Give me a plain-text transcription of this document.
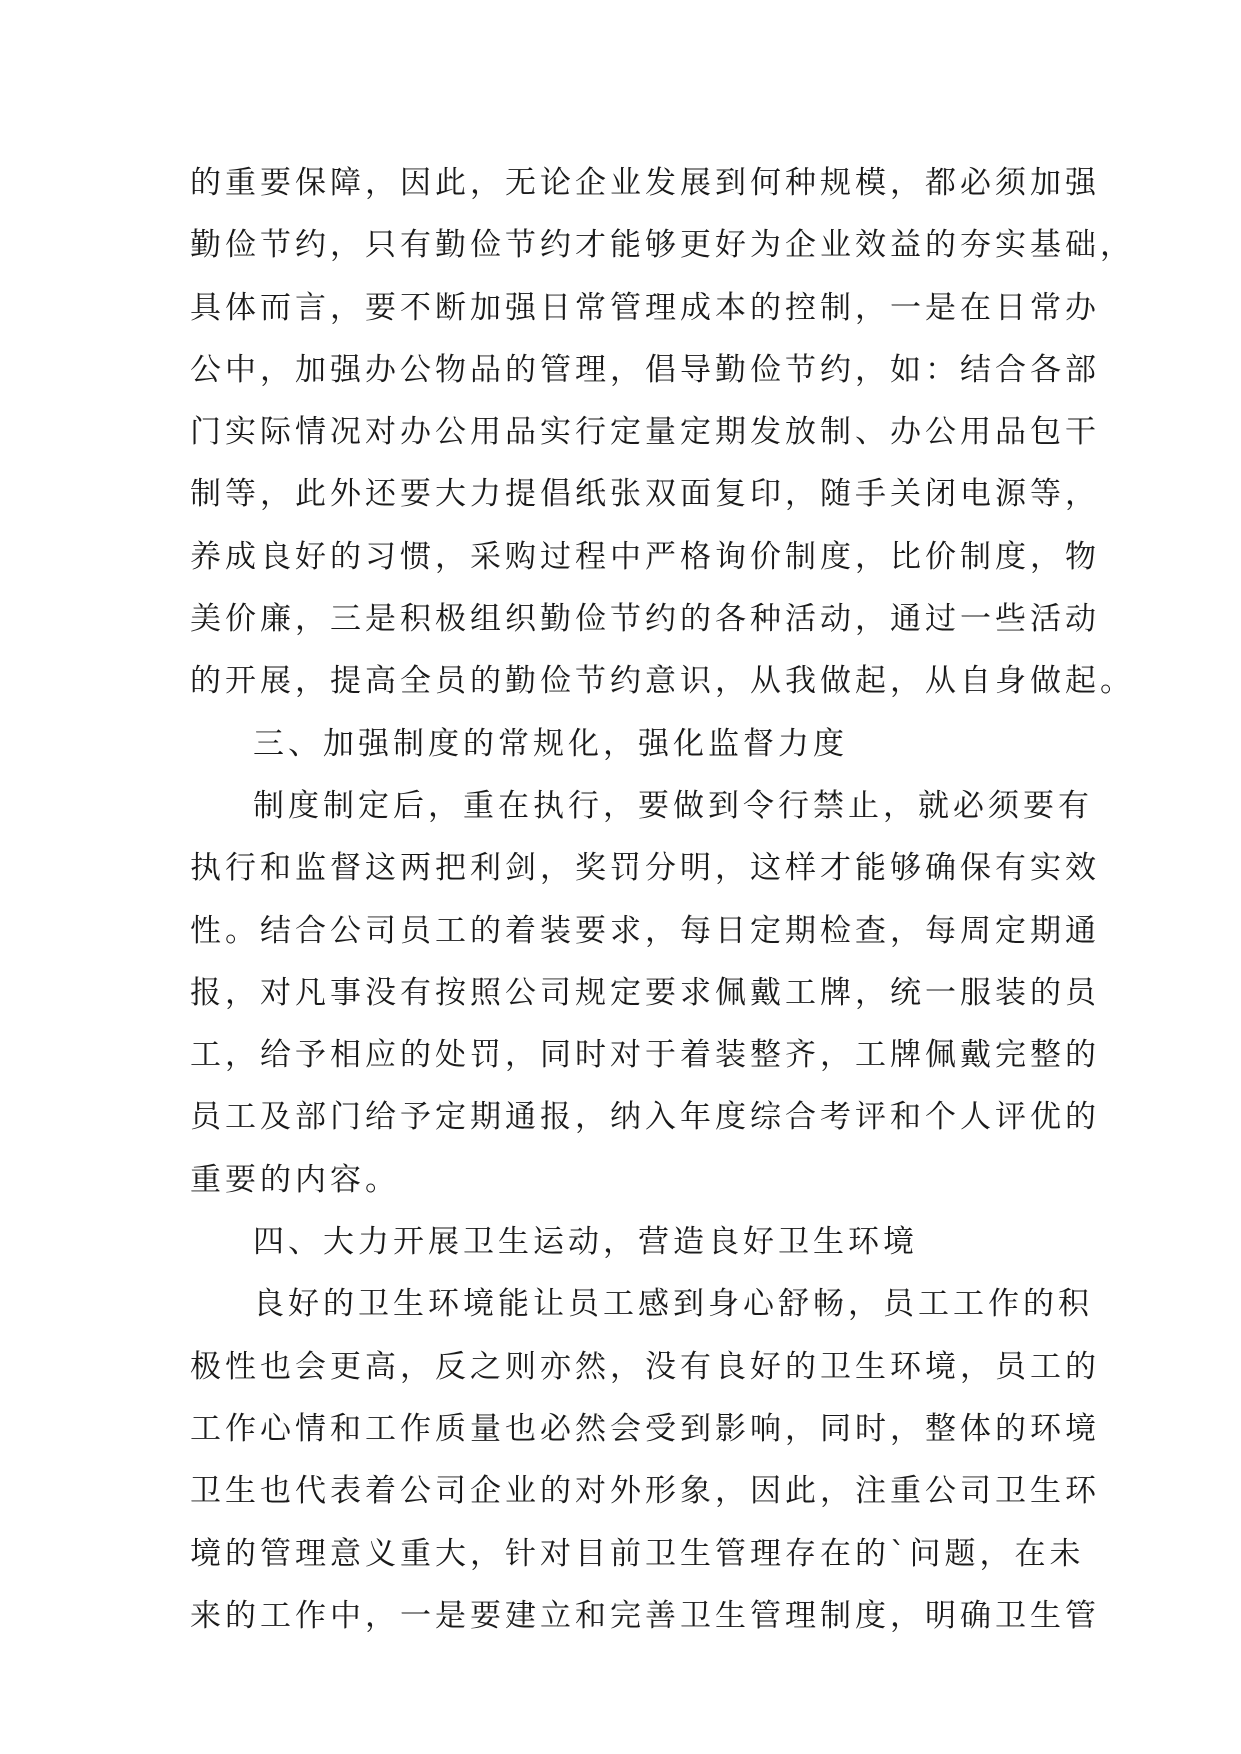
的重要保障，因此，无论企业发展到何种规模，都必须加强
勤俭节约，只有勤俭节约才能够更好为企业效益的夯实基础，
具体而言，要不断加强日常管理成本的控制，一是在日常办
公中，加强办公物品的管理，倡导勤俭节约，如：结合各部
门实际情况对办公用品实行定量定期发放制、办公用品包干
制等，此外还要大力提倡纸张双面复印，随手关闭电源等，
养成良好的习惯，采购过程中严格询价制度，比价制度，物
美价廉，三是积极组织勤俭节约的各种活动，通过一些活动
的开展，提高全员的勤俭节约意识，从我做起，从自身做起。
三、加强制度的常规化，强化监督力度
制度制定后，重在执行，要做到令行禁止，就必须要有
执行和监督这两把利剑，奖罚分明，这样才能够确保有实效
性。结合公司员工的着装要求，每日定期检查，每周定期通
报，对凡事没有按照公司规定要求佩戴工牌，统一服装的员
工，给予相应的处罚，同时对于着装整齐，工牌佩戴完整的
员工及部门给予定期通报，纳入年度综合考评和个人评优的
重要的内容。
四、大力开展卫生运动，营造良好卫生环境
良好的卫生环境能让员工感到身心舒畅，员工工作的积
极性也会更高，反之则亦然，没有良好的卫生环境，员工的
工作心情和工作质量也必然会受到影响，同时，整体的环境
卫生也代表着公司企业的对外形象，因此，注重公司卫生环
境的管理意义重大，针对目前卫生管理存在的`问题，在未
来的工作中，一是要建立和完善卫生管理制度，明确卫生管
